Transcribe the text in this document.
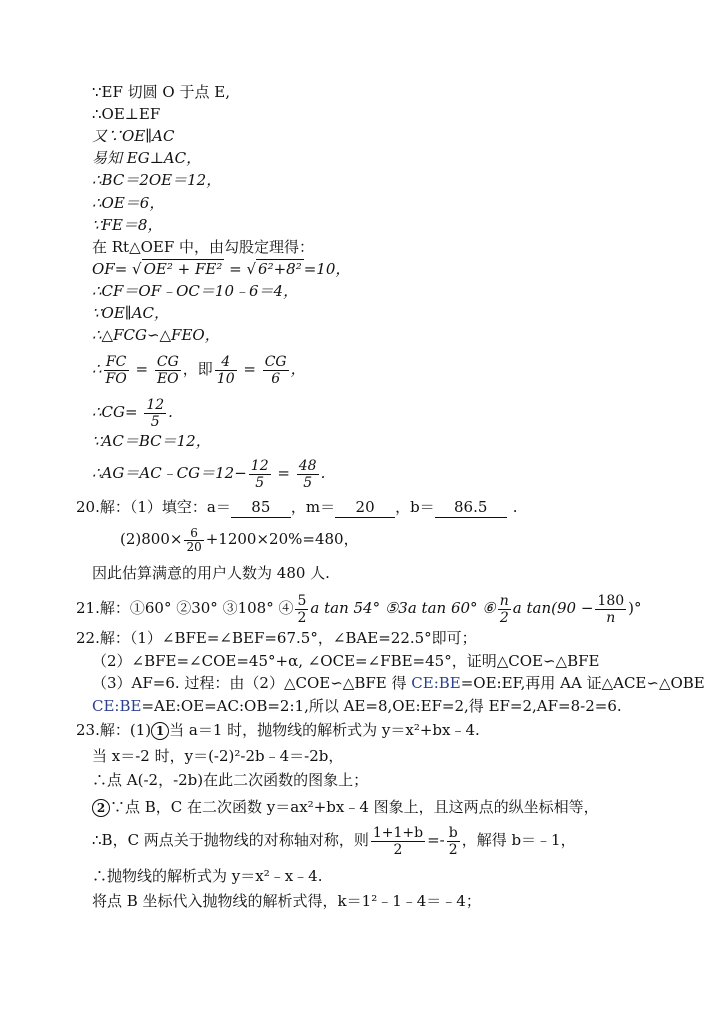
∵EF 切圆 O 于点 E,
∴OE⊥EF
又∵OE∥AC
易知 EG⊥AC，
∴BC＝2OE＝12，
∴OE＝6，
∵FE＝8，
在 Rt△OEF 中，由勾股定理得：
OF= √ OE² + FE² = √ 6²+8² =10，
∴CF＝OF﹣OC＝10﹣6＝4，
∵OE∥AC，
∴△FCG∽△FEO，
∴ $\frac{FC}{FO} = \frac{CG}{EO}$ ，即 $\frac{4}{10} = \frac{CG}{6}$ ，
∴CG= $\frac{12}{5}$ .
∵AC＝BC＝12，
∴AG＝AC﹣CG＝12− $\frac{12}{5} = \frac{48}{5}$ .
20.解：（1）填空：a＝ 85 ，m＝ 20 ，b＝ 86.5 .
$(2)800\times \frac{6}{20} +1200\times 20\%=480$，
因此估算满意的用户人数为 480 人.
21.解：①60° ②30° ③108° ④ $\frac{5}{2}$ a tan 54° ⑤3a tan 60° ⑥ $\frac{n}{2}$ a $\tan(90 - \frac{180}{n}$ )°
22.解：（1）∠BFE=∠BEF=67.5°，∠BAE=22.5°即可；
（2）∠BFE=∠COE=45°+α, ∠OCE=∠FBE=45°，证明△COE∽△BFE
（3）AF=6. 过程：由（2）△COE∽△BFE 得 CE:BE=OE:EF,再用 AA 证△ACE∽△OBE
CE:BE=AE:OE=AC:OB=2:1,所以 AE=8,OE:EF=2,得 EF=2,AF=8-2=6.
23.解：(1) 1 当 a＝1 时，抛物线的解析式为 y＝x²+bx﹣4.
当 x＝-2 时，y＝(-2)²-2b﹣4＝-2b，
∴点 A(-2，-2b)在此二次函数的图象上；
2 ∵点 B，C 在二次函数 y＝ax²+bx﹣4 图象上，且这两点的纵坐标相等，
∴B，C 两点关于抛物线的对称轴对称，则 $\frac{1+1+b}{2} =- \frac{b}{2}$ ，解得 b＝﹣1，
∴抛物线的解析式为 y＝x²﹣x﹣4.
将点 B 坐标代入抛物线的解析式得，k＝1²﹣1﹣4＝﹣4；
